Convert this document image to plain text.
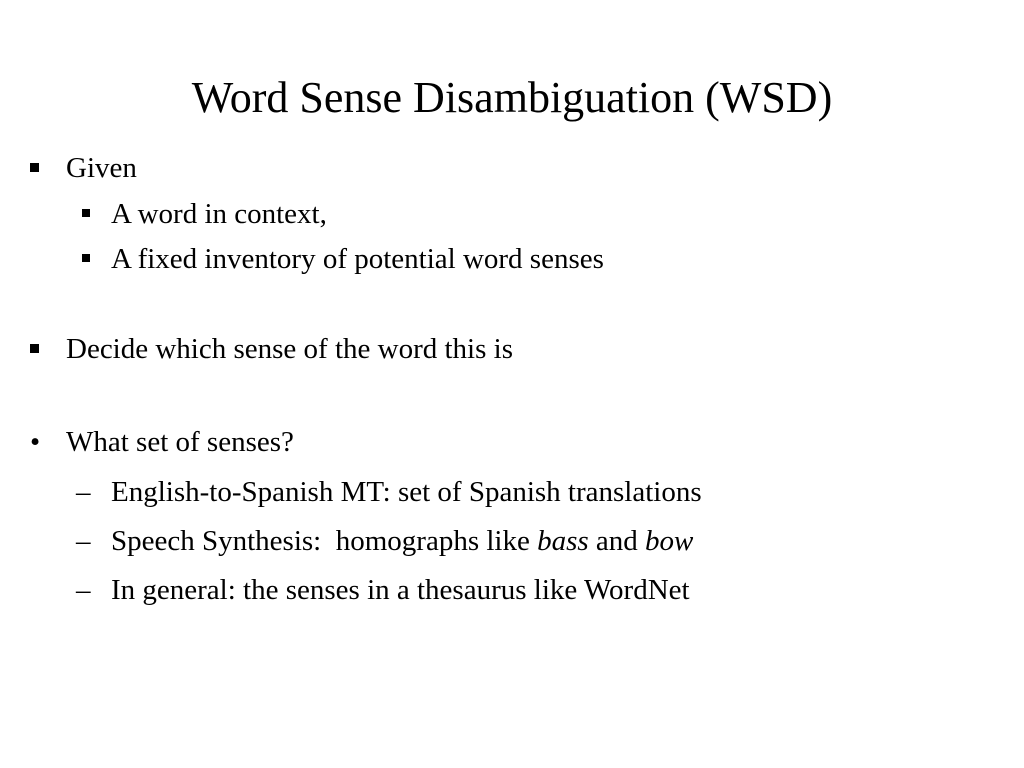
Word Sense Disambiguation (WSD)
Given
A word in context,
A fixed inventory of potential word senses
Decide which sense of the word this is
• What set of senses?
– English-to-Spanish MT: set of Spanish translations
– Speech Synthesis:  homographs like bass and bow
– In general: the senses in a thesaurus like WordNet
